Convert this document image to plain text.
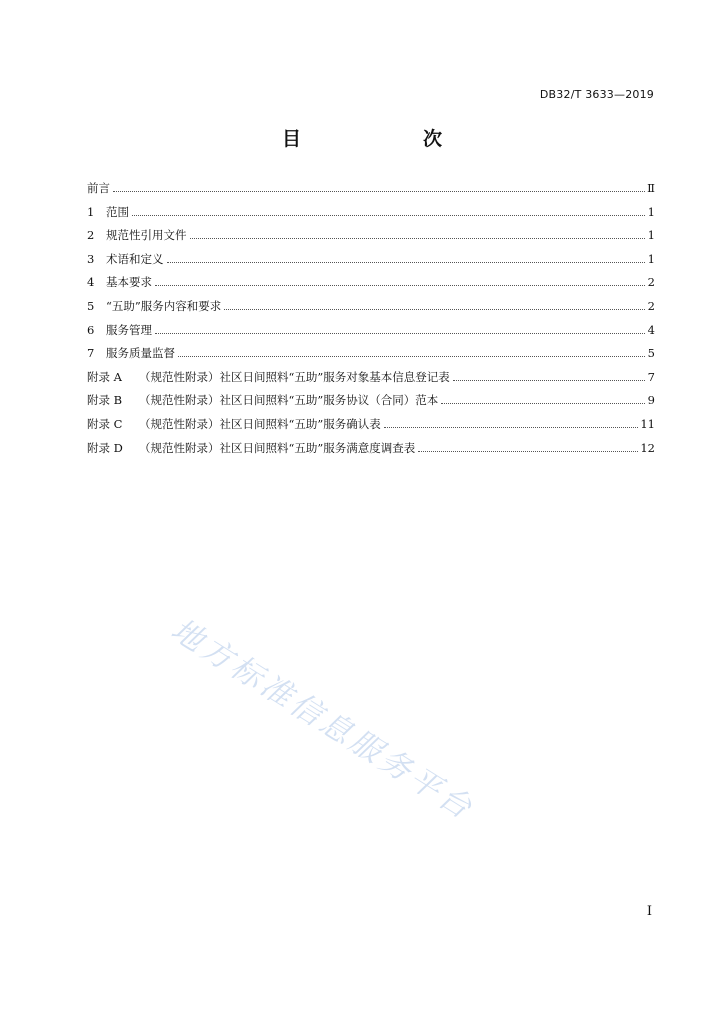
DB32/T 3633—2019
目　　次
前言	Ⅱ
1	范围	1
2	规范性引用文件	1
3	术语和定义	1
4	基本要求	2
5	“五助”服务内容和要求	2
6	服务管理	4
7	服务质量监督	5
附录 A	（规范性附录）社区日间照料“五助”服务对象基本信息登记表	7
附录 B	（规范性附录）社区日间照料“五助”服务协议（合同）范本	9
附录 C	（规范性附录）社区日间照料“五助”服务确认表	11
附录 D	（规范性附录）社区日间照料“五助”服务满意度调查表	12
地方标准信息服务平台
I
